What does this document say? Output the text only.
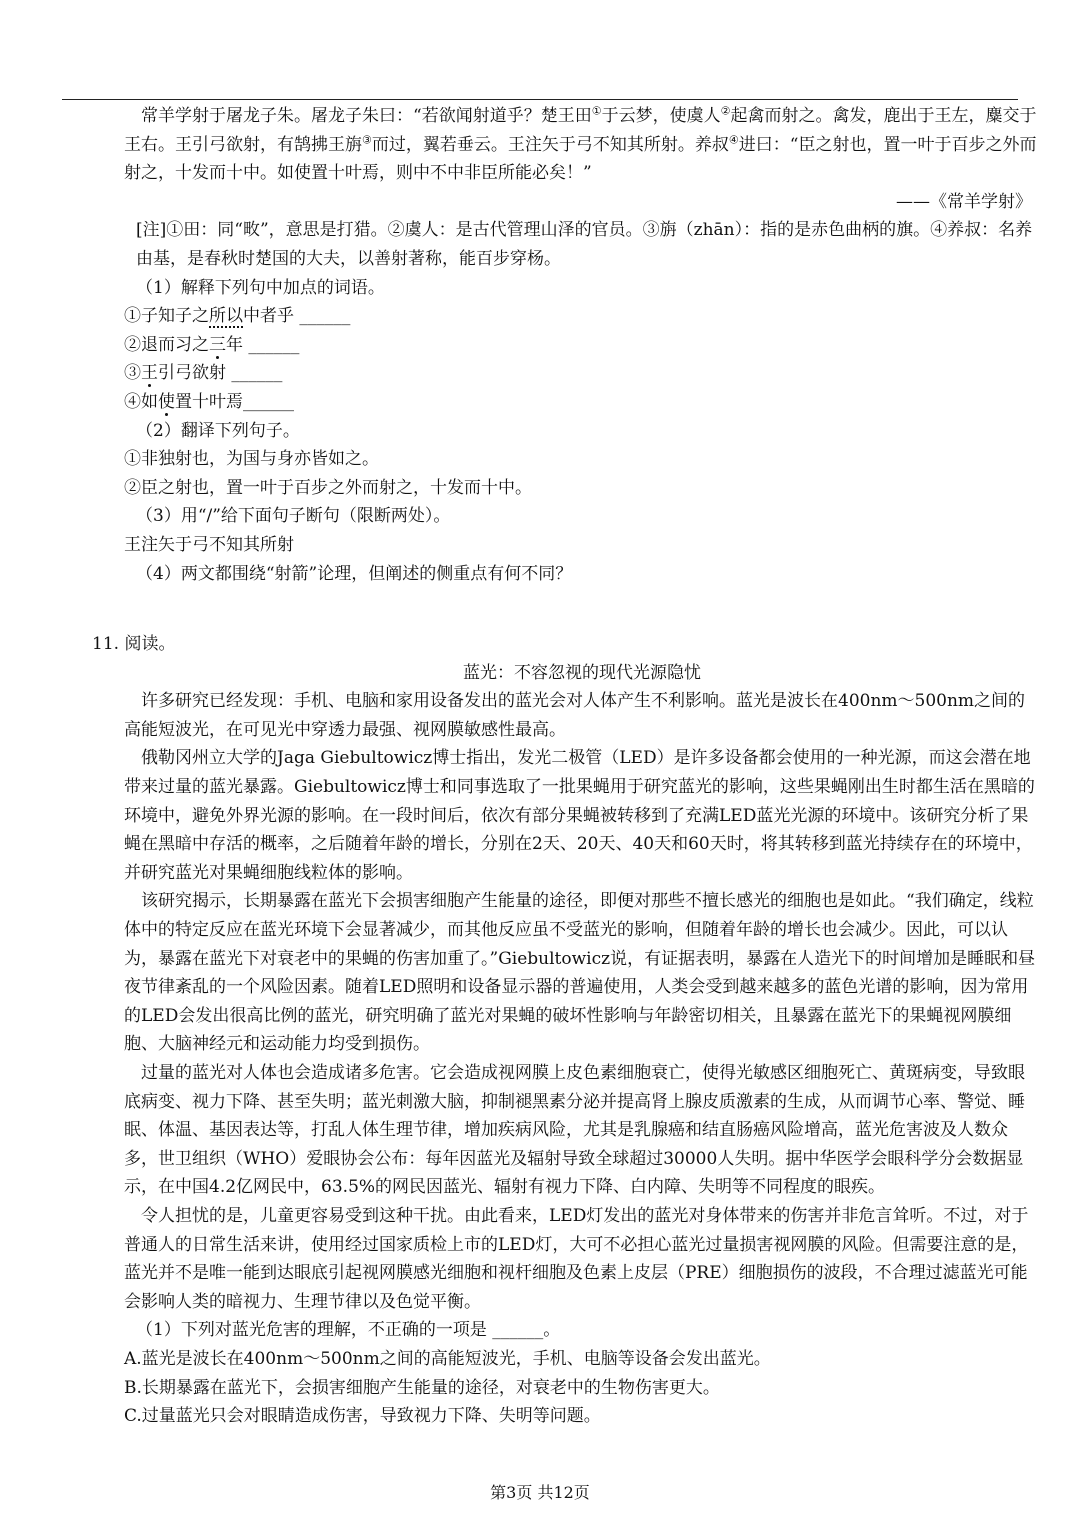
常羊学射于屠龙子朱。屠龙子朱曰：“若欲闻射道乎？楚王田①于云梦，使虞人②起禽而射之。禽发，鹿出于王左，麋交于王右。王引弓欲射，有鹄拂王旃③而过，翼若垂云。王注矢于弓不知其所射。养叔④进曰：“臣之射也，置一叶于百步之外而射之，十发而十中。如使置十叶焉，则中不中非臣所能必矣！”

——《常羊学射》

[注]①田：同“畋”，意思是打猎。②虞人：是古代管理山泽的官员。③旃（zhān）：指的是赤色曲柄的旗。④养叔：名养由基，是春秋时楚国的大夫，以善射著称，能百步穿杨。

（1）解释下列句中加点的词语。

①子知子之所以中者乎 ______

②退而习之三年 ______

③王引弓欲射 ______

④如使置十叶焉______

（2）翻译下列句子。

①非独射也，为国与身亦皆如之。

②臣之射也，置一叶于百步之外而射之，十发而十中。

（3）用“/”给下面句子断句（限断两处）。

王注矢于弓不知其所射

（4）两文都围绕“射箭”论理，但阐述的侧重点有何不同？

11. 阅读。

蓝光：不容忽视的现代光源隐忧

许多研究已经发现：手机、电脑和家用设备发出的蓝光会对人体产生不利影响。蓝光是波长在400nm～500nm之间的高能短波光，在可见光中穿透力最强、视网膜敏感性最高。

俄勒冈州立大学的Jaga Giebultowicz博士指出，发光二极管（LED）是许多设备都会使用的一种光源，而这会潜在地带来过量的蓝光暴露。Giebultowicz博士和同事选取了一批果蝇用于研究蓝光的影响，这些果蝇刚出生时都生活在黑暗的环境中，避免外界光源的影响。在一段时间后，依次有部分果蝇被转移到了充满LED蓝光光源的环境中。该研究分析了果蝇在黑暗中存活的概率，之后随着年龄的增长，分别在2天、20天、40天和60天时，将其转移到蓝光持续存在的环境中，并研究蓝光对果蝇细胞线粒体的影响。

该研究揭示，长期暴露在蓝光下会损害细胞产生能量的途径，即便对那些不擅长感光的细胞也是如此。“我们确定，线粒体中的特定反应在蓝光环境下会显著减少，而其他反应虽不受蓝光的影响，但随着年龄的增长也会减少。因此，可以认为，暴露在蓝光下对衰老中的果蝇的伤害加重了。”Giebultowicz说，有证据表明，暴露在人造光下的时间增加是睡眠和昼夜节律紊乱的一个风险因素。随着LED照明和设备显示器的普遍使用，人类会受到越来越多的蓝色光谱的影响，因为常用的LED会发出很高比例的蓝光，研究明确了蓝光对果蝇的破坏性影响与年龄密切相关，且暴露在蓝光下的果蝇视网膜细胞、大脑神经元和运动能力均受到损伤。

过量的蓝光对人体也会造成诸多危害。它会造成视网膜上皮色素细胞衰亡，使得光敏感区细胞死亡、黄斑病变，导致眼底病变、视力下降、甚至失明；蓝光刺激大脑，抑制褪黑素分泌并提高肾上腺皮质激素的生成，从而调节心率、警觉、睡眠、体温、基因表达等，打乱人体生理节律，增加疾病风险，尤其是乳腺癌和结直肠癌风险增高，蓝光危害波及人数众多，世卫组织（WHO）爱眼协会公布：每年因蓝光及辐射导致全球超过30000人失明。据中华医学会眼科学分会数据显示，在中国4.2亿网民中，63.5%的网民因蓝光、辐射有视力下降、白内障、失明等不同程度的眼疾。

令人担忧的是，儿童更容易受到这种干扰。由此看来，LED灯发出的蓝光对身体带来的伤害并非危言耸听。不过，对于普通人的日常生活来讲，使用经过国家质检上市的LED灯，大可不必担心蓝光过量损害视网膜的风险。但需要注意的是，蓝光并不是唯一能到达眼底引起视网膜感光细胞和视杆细胞及色素上皮层（PRE）细胞损伤的波段，不合理过滤蓝光可能会影响人类的暗视力、生理节律以及色觉平衡。

（1）下列对蓝光危害的理解，不正确的一项是 ______。

A.蓝光是波长在400nm～500nm之间的高能短波光，手机、电脑等设备会发出蓝光。

B.长期暴露在蓝光下，会损害细胞产生能量的途径，对衰老中的生物伤害更大。

C.过量蓝光只会对眼睛造成伤害，导致视力下降、失明等问题。

第3页 共12页
